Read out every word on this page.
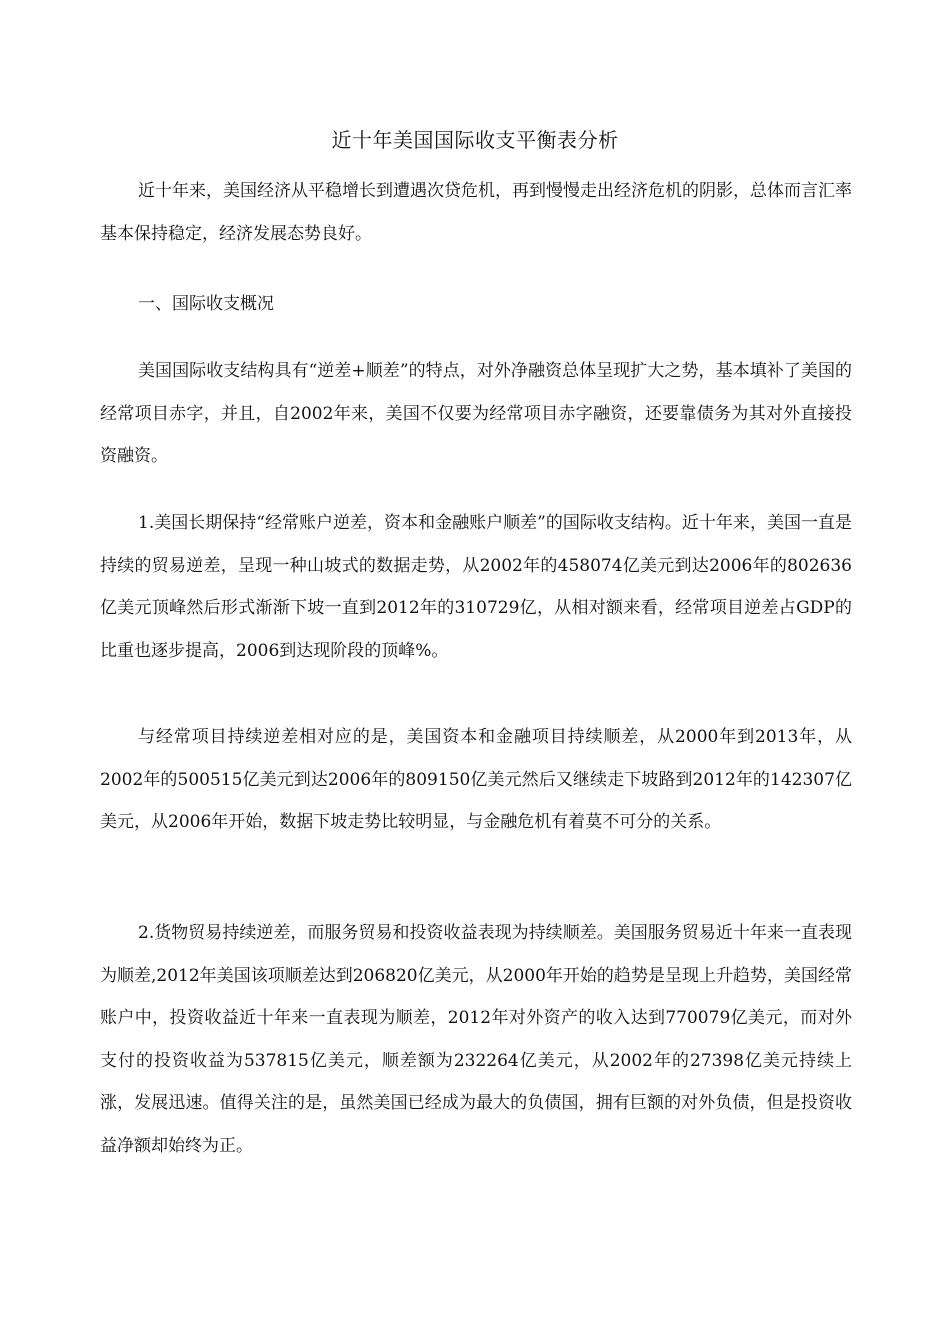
近十年美国国际收支平衡表分析

近十年来，美国经济从平稳增长到遭遇次贷危机，再到慢慢走出经济危机的阴影，总体而言汇率基本保持稳定，经济发展态势良好。

一、国际收支概况

美国国际收支结构具有“逆差+顺差”的特点，对外净融资总体呈现扩大之势，基本填补了美国的经常项目赤字，并且，自2002年来，美国不仅要为经常项目赤字融资，还要靠债务为其对外直接投资融资。

1.美国长期保持“经常账户逆差，资本和金融账户顺差”的国际收支结构。近十年来，美国一直是持续的贸易逆差，呈现一种山坡式的数据走势，从2002年的458074亿美元到达2006年的802636亿美元顶峰然后形式渐渐下坡一直到2012年的310729亿，从相对额来看，经常项目逆差占GDP的比重也逐步提高，2006到达现阶段的顶峰%。

与经常项目持续逆差相对应的是，美国资本和金融项目持续顺差，从2000年到2013年，从2002年的500515亿美元到达2006年的809150亿美元然后又继续走下坡路到2012年的142307亿美元，从2006年开始，数据下坡走势比较明显，与金融危机有着莫不可分的关系。

2.货物贸易持续逆差，而服务贸易和投资收益表现为持续顺差。美国服务贸易近十年来一直表现为顺差,2012年美国该项顺差达到206820亿美元，从2000年开始的趋势是呈现上升趋势，美国经常账户中，投资收益近十年来一直表现为顺差，2012年对外资产的收入达到770079亿美元，而对外支付的投资收益为537815亿美元，顺差额为232264亿美元，从2002年的27398亿美元持续上涨，发展迅速。值得关注的是，虽然美国已经成为最大的负债国，拥有巨额的对外负债，但是投资收益净额却始终为正。
